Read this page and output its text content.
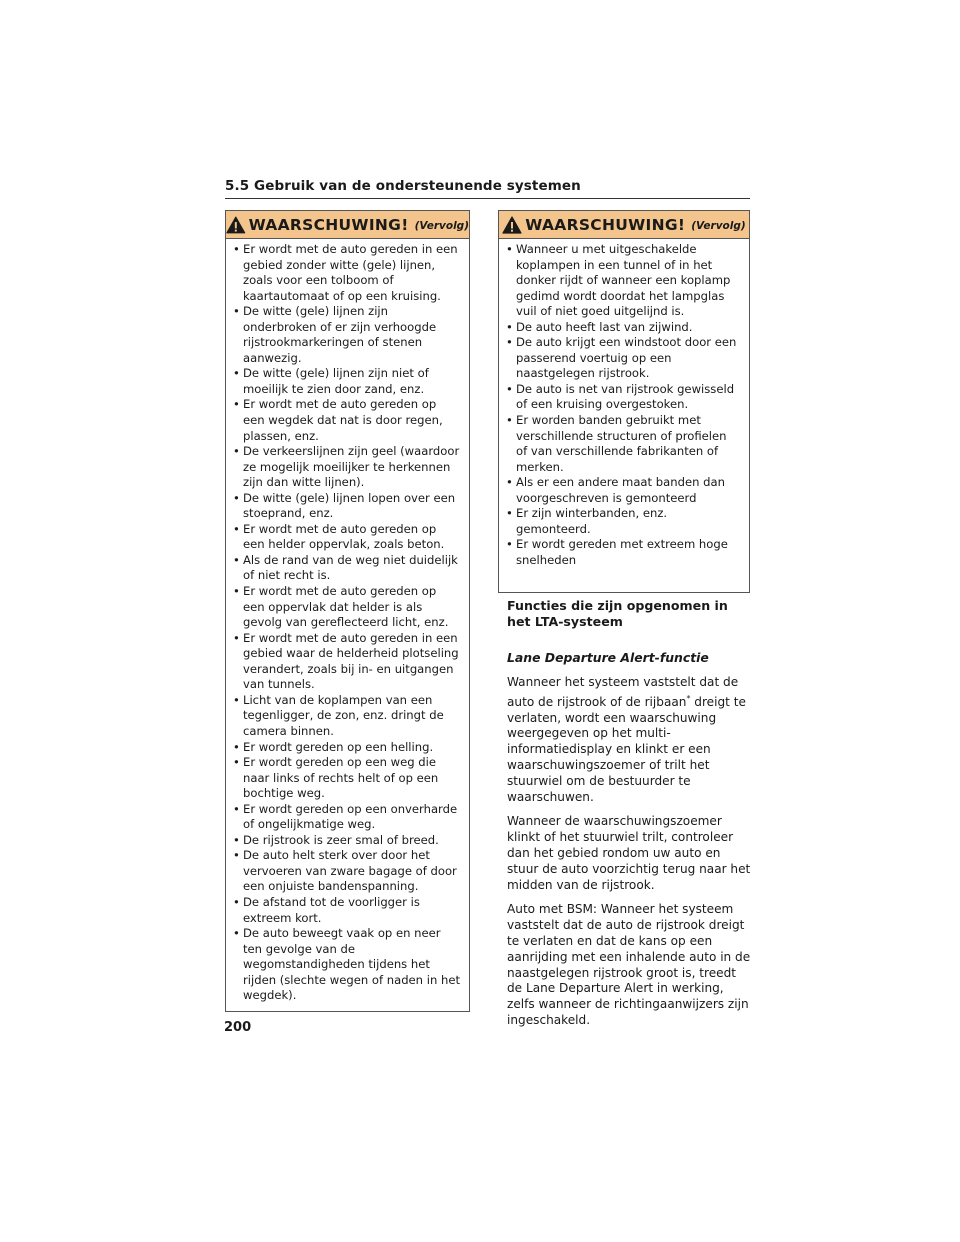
5.5 Gebruik van de ondersteunende systemen
WAARSCHUWING! (Vervolg)
• Er wordt met de auto gereden in een gebied zonder witte (gele) lijnen, zoals voor een tolboom of kaartautomaat of op een kruising.
• De witte (gele) lijnen zijn onderbroken of er zijn verhoogde rijstrookmarkeringen of stenen aanwezig.
• De witte (gele) lijnen zijn niet of moeilijk te zien door zand, enz.
• Er wordt met de auto gereden op een wegdek dat nat is door regen, plassen, enz.
• De verkeerslijnen zijn geel (waardoor ze mogelijk moeilijker te herkennen zijn dan witte lijnen).
• De witte (gele) lijnen lopen over een stoeprand, enz.
• Er wordt met de auto gereden op een helder oppervlak, zoals beton.
• Als de rand van de weg niet duidelijk of niet recht is.
• Er wordt met de auto gereden op een oppervlak dat helder is als gevolg van gereflecteerd licht, enz.
• Er wordt met de auto gereden in een gebied waar de helderheid plotseling verandert, zoals bij in- en uitgangen van tunnels.
• Licht van de koplampen van een tegenligger, de zon, enz. dringt de camera binnen.
• Er wordt gereden op een helling.
• Er wordt gereden op een weg die naar links of rechts helt of op een bochtige weg.
• Er wordt gereden op een onverharde of ongelijkmatige weg.
• De rijstrook is zeer smal of breed.
• De auto helt sterk over door het vervoeren van zware bagage of door een onjuiste bandenspanning.
• De afstand tot de voorligger is extreem kort.
• De auto beweegt vaak op en neer ten gevolge van de wegomstandigheden tijdens het rijden (slechte wegen of naden in het wegdek).
WAARSCHUWING! (Vervolg)
• Wanneer u met uitgeschakelde koplampen in een tunnel of in het donker rijdt of wanneer een koplamp gedimd wordt doordat het lampglas vuil of niet goed uitgelijnd is.
• De auto heeft last van zijwind.
• De auto krijgt een windstoot door een passerend voertuig op een naastgelegen rijstrook.
• De auto is net van rijstrook gewisseld of een kruising overgestoken.
• Er worden banden gebruikt met verschillende structuren of profielen of van verschillende fabrikanten of merken.
• Als er een andere maat banden dan voorgeschreven is gemonteerd
• Er zijn winterbanden, enz. gemonteerd.
• Er wordt gereden met extreem hoge snelheden

Functies die zijn opgenomen in het LTA-systeem

Lane Departure Alert-functie

Wanneer het systeem vaststelt dat de auto de rijstrook of de rijbaan* dreigt te verlaten, wordt een waarschuwing weergegeven op het multi-informatiedisplay en klinkt er een waarschuwingszoemer of trilt het stuurwiel om de bestuurder te waarschuwen.

Wanneer de waarschuwingszoemer klinkt of het stuurwiel trilt, controleer dan het gebied rondom uw auto en stuur de auto voorzichtig terug naar het midden van de rijstrook.

Auto met BSM: Wanneer het systeem vaststelt dat de auto de rijstrook dreigt te verlaten en dat de kans op een aanrijding met een inhalende auto in de naastgelegen rijstrook groot is, treedt de Lane Departure Alert in werking, zelfs wanneer de richtingaanwijzers zijn ingeschakeld.

200
